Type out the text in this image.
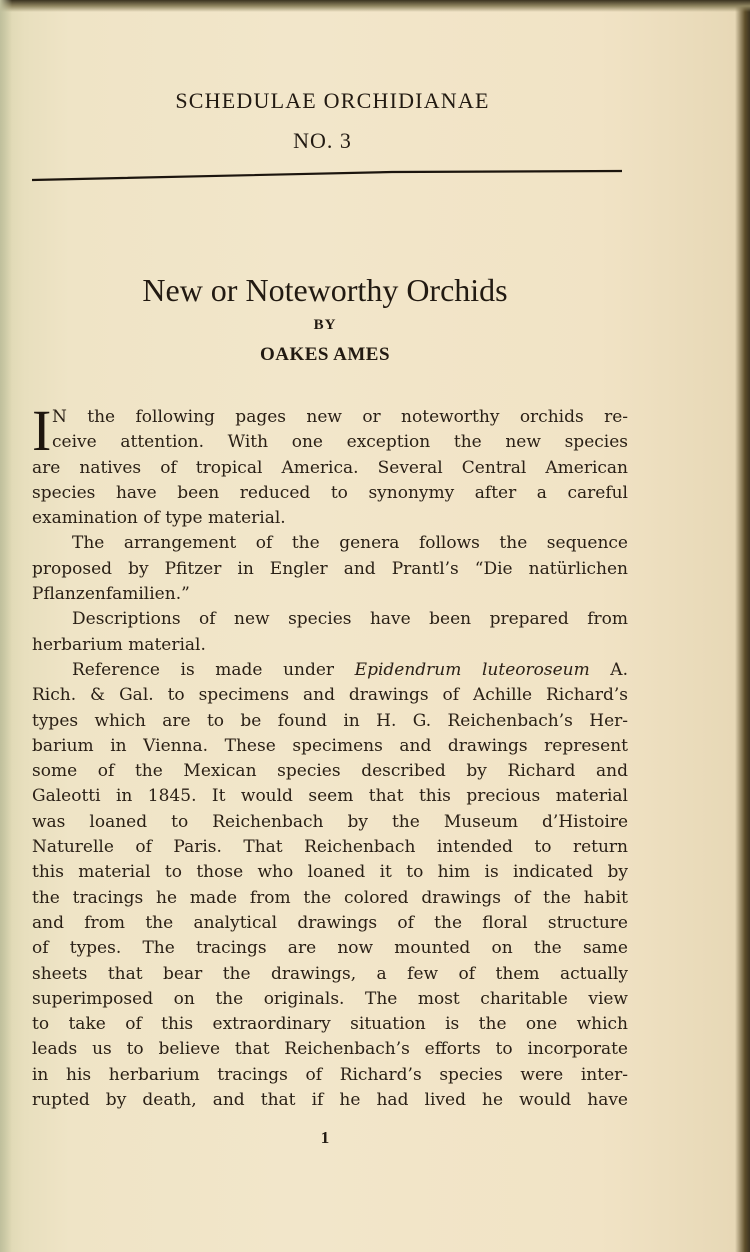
SCHEDULAE ORCHIDIANAE
NO. 3
New or Noteworthy Orchids
BY
OAKES AMES

I N the following pages new or noteworthy orchids re-
ceive attention. With one exception the new species
are natives of tropical America. Several Central American
species have been reduced to synonymy after a careful
examination of type material.

The arrangement of the genera follows the sequence
proposed by Pfitzer in Engler and Prantl’s “Die natürlichen
Pflanzenfamilien.”

Descriptions of new species have been prepared from
herbarium material.

Reference is made under Epidendrum luteoroseum A.
Rich. & Gal. to specimens and drawings of Achille Richard’s
types which are to be found in H. G. Reichenbach’s Her-
barium in Vienna. These specimens and drawings represent
some of the Mexican species described by Richard and
Galeotti in 1845. It would seem that this precious material
was loaned to Reichenbach by the Museum d’Histoire
Naturelle of Paris. That Reichenbach intended to return
this material to those who loaned it to him is indicated by
the tracings he made from the colored drawings of the habit
and from the analytical drawings of the floral structure
of types. The tracings are now mounted on the same
sheets that bear the drawings, a few of them actually
superimposed on the originals. The most charitable view
to take of this extraordinary situation is the one which
leads us to believe that Reichenbach’s efforts to incorporate
in his herbarium tracings of Richard’s species were inter-
rupted by death, and that if he had lived he would have

1
